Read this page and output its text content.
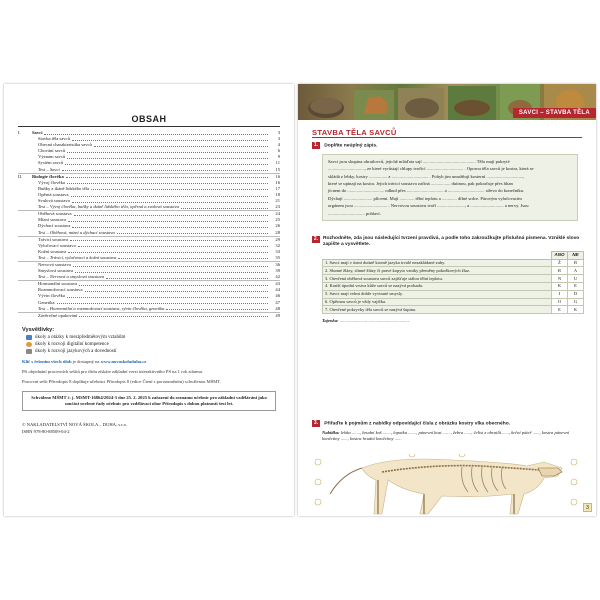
OBSAH
I.	Savci	3
Stavba těla savců	3
Obecná charakteristika savců	4
Chování savců	6
Význam savců	9
Systém savců	11
Test – Savci	15
II.	Biologie člověka	16
Vývoj člověka	16
Buňky a tkáně lidského těla	17
Opěrná soustava	18
Svalová soustava	21
Test – Vývoj člověka, buňky a tkáně lidského těla, opěrná a svalová soustava	23
Oběhová soustava	24
Mízní soustava	25
Dýchací soustava	26
Test – Oběhová, mízní a dýchací soustava	28
Trávicí soustava	29
Vylučovací soustava	32
Kožní soustava	33
Test – Trávicí, vylučovací a kožní soustava	35
Nervová soustava	36
Smyslová soustava	39
Test – Nervová a smyslová soustava	42
Hormonální soustava	43
Rozmnožovací soustava	44
Vývin člověka	46
Genetika	47
Test – Hormonální a rozmnožovací soustava, vývin člověka, genetika	48
Závěrečné opakování	49
Vysvětlivky:
úkoly a otázky k mezipředmětovým vztahům
úkoly k rozvoji digitální kompetence
úkoly k rozvoji jazykových a dovedností
Klíč s řešením všech úloh je dostupný na www.novaskoladuha.cz
Při objednání pracovních sešitů pro třídu získáte základní verzi interaktivního PS na 1 rok zdarma.
Pracovní sešit Přírodopis 8 doplňuje učebnici Přírodopis 8 (edice Čtení s porozuměním) schválenou MŠMT.
Schváleno MŠMT č. j. MSMT-16864/2024-3 dne 25. 2. 2025 k zařazení do seznamu učebnic pro základní vzdělávání jako součást ucelené řady učebnic pro vzdělávací obor Přírodopis s dobou platnosti šest let.
© NAKLADATELSTVÍ NOVÁ ŠKOLA – DUHA, s.r.o.
ISBN 978-80-88509-04-2
SAVCI – STAVBA TĚLA
STAVBA TĚLA SAVCŮ
1. Doplňte neúplný zápis.
Savci jsou skupina obratlovců, jejichž mláďata sají .............................................. Tělo mají pokryté
................................, ze které vyrůstají chlupy tvořící ................................ . Oporou těla savců je kostra, která se
skládá z lebky, kostry ................ a ................................ . Pohyb jim umožňují kosterní ................................,
které se upínají na kostra. Jejich trávicí soustava začíná ................. dutinou, pak pokračuje přes hltan
jícnem do ................................ odkud přes ................................ a ................................ střevo do konečníku.
Dýchají ......................... plícemi. Mají ............. tělní teplotu a ............. dílné srdce. Párovým vylučovacím
orgánem jsou ............................. . Nervovou soustavu tvoří ........................, a ............................. a nervy. Jsou
................................ pohlaví.
2.	Rozhodněte, zda jsou následující tvrzení pravdivá, a podle toho zakroužkujte příslušná písmena. Vzniklé slovo zapište a vysvětlete.
	ANO	NE
1. Savci mají v ústní dutině kromě jazyka trvalé nezakládané zuby.	Ž	B
2. Slunné žlázy, slinné žlázy či pravé kopyto vzniky přeměny pokožkových žlaz.	R	A
3. Otevřená oběhová soustava savců zajišťuje stálou tělní teplotu.	N	U
4. Kratší úpodní vrstva kůže savců se nazývá podsada.	K	E
5. Savci mají velmi dobře vyvinuté smysly.	I	D
6. Opěrnou savců je vždy vajíčka.	O	G
7. Otevřené pokryvky těla savců se nazývá šupina.	E	K
Tajenka: .................... ........................................
3. Přiřaďte k pojmům z nabídky odpovídající čísla z obrázku kostry vlka obecného.
Nabídka: lebka ......., hrudní koš ......., lopatka ......., pánevní kost ......., žebra ......, čelist z obratlů ......, krční páteř ......, kostra pánevní končetiny ......, kostra hrudní končetiny ......
3
